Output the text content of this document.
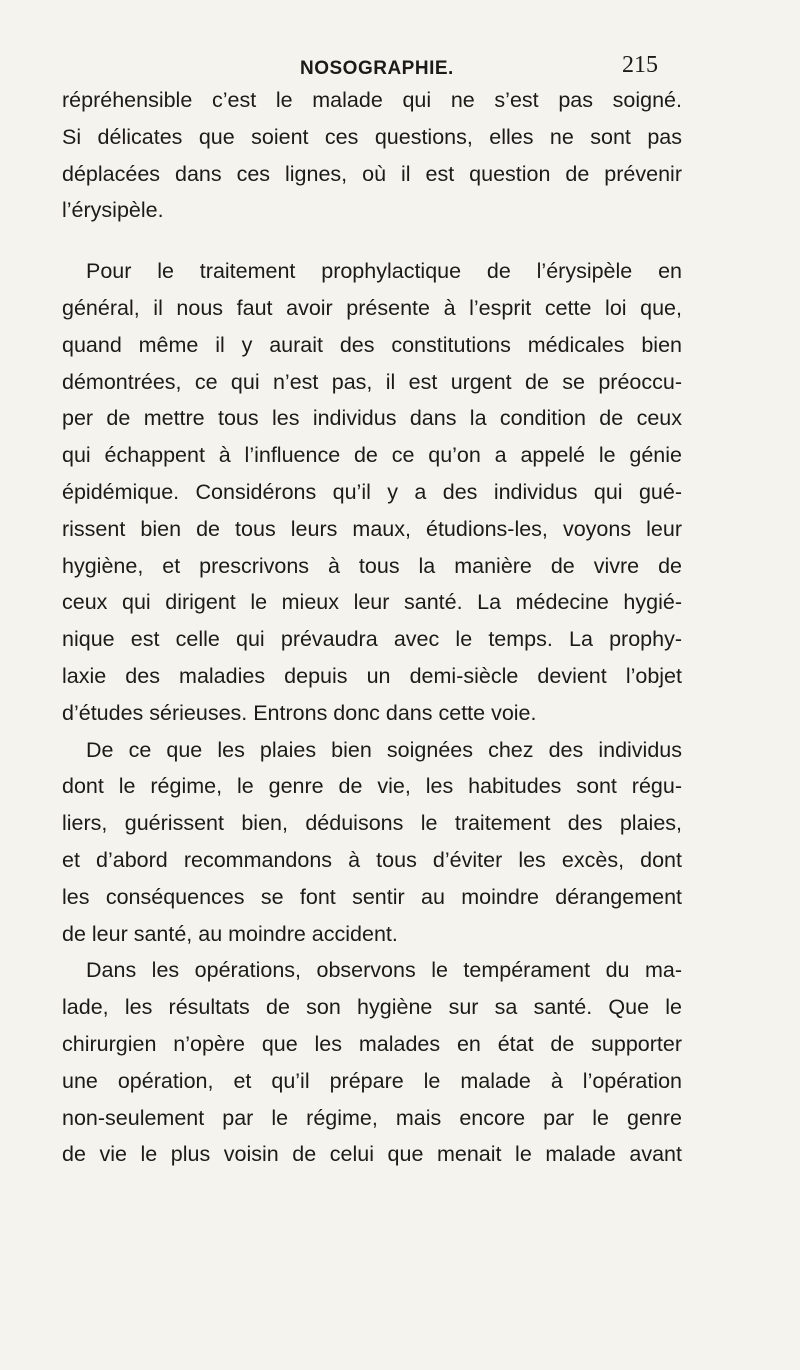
NOSOGRAPHIE.	215
répréhensible c’est le malade qui ne s’est pas soigné.
Si délicates que soient ces questions, elles ne sont pas
déplacées dans ces lignes, où il est question de prévenir
l’érysipèle.
Pour le traitement prophylactique de l’érysipèle en
général, il nous faut avoir présente à l’esprit cette loi que,
quand même il y aurait des constitutions médicales bien
démontrées, ce qui n’est pas, il est urgent de se préoccu-
per de mettre tous les individus dans la condition de ceux
qui échappent à l’influence de ce qu’on a appelé le génie
épidémique. Considérons qu’il y a des individus qui gué-
rissent bien de tous leurs maux, étudions-les, voyons leur
hygiène, et prescrivons à tous la manière de vivre de
ceux qui dirigent le mieux leur santé. La médecine hygié-
nique est celle qui prévaudra avec le temps. La prophy-
laxie des maladies depuis un demi-siècle devient l’objet
d’études sérieuses. Entrons donc dans cette voie.
De ce que les plaies bien soignées chez des individus
dont le régime, le genre de vie, les habitudes sont régu-
liers, guérissent bien, déduisons le traitement des plaies,
et d’abord recommandons à tous d’éviter les excès, dont
les conséquences se font sentir au moindre dérangement
de leur santé, au moindre accident.
Dans les opérations, observons le tempérament du ma-
lade, les résultats de son hygiène sur sa santé. Que le
chirurgien n’opère que les malades en état de supporter
une opération, et qu’il prépare le malade à l’opération
non-seulement par le régime, mais encore par le genre
de vie le plus voisin de celui que menait le malade avant
